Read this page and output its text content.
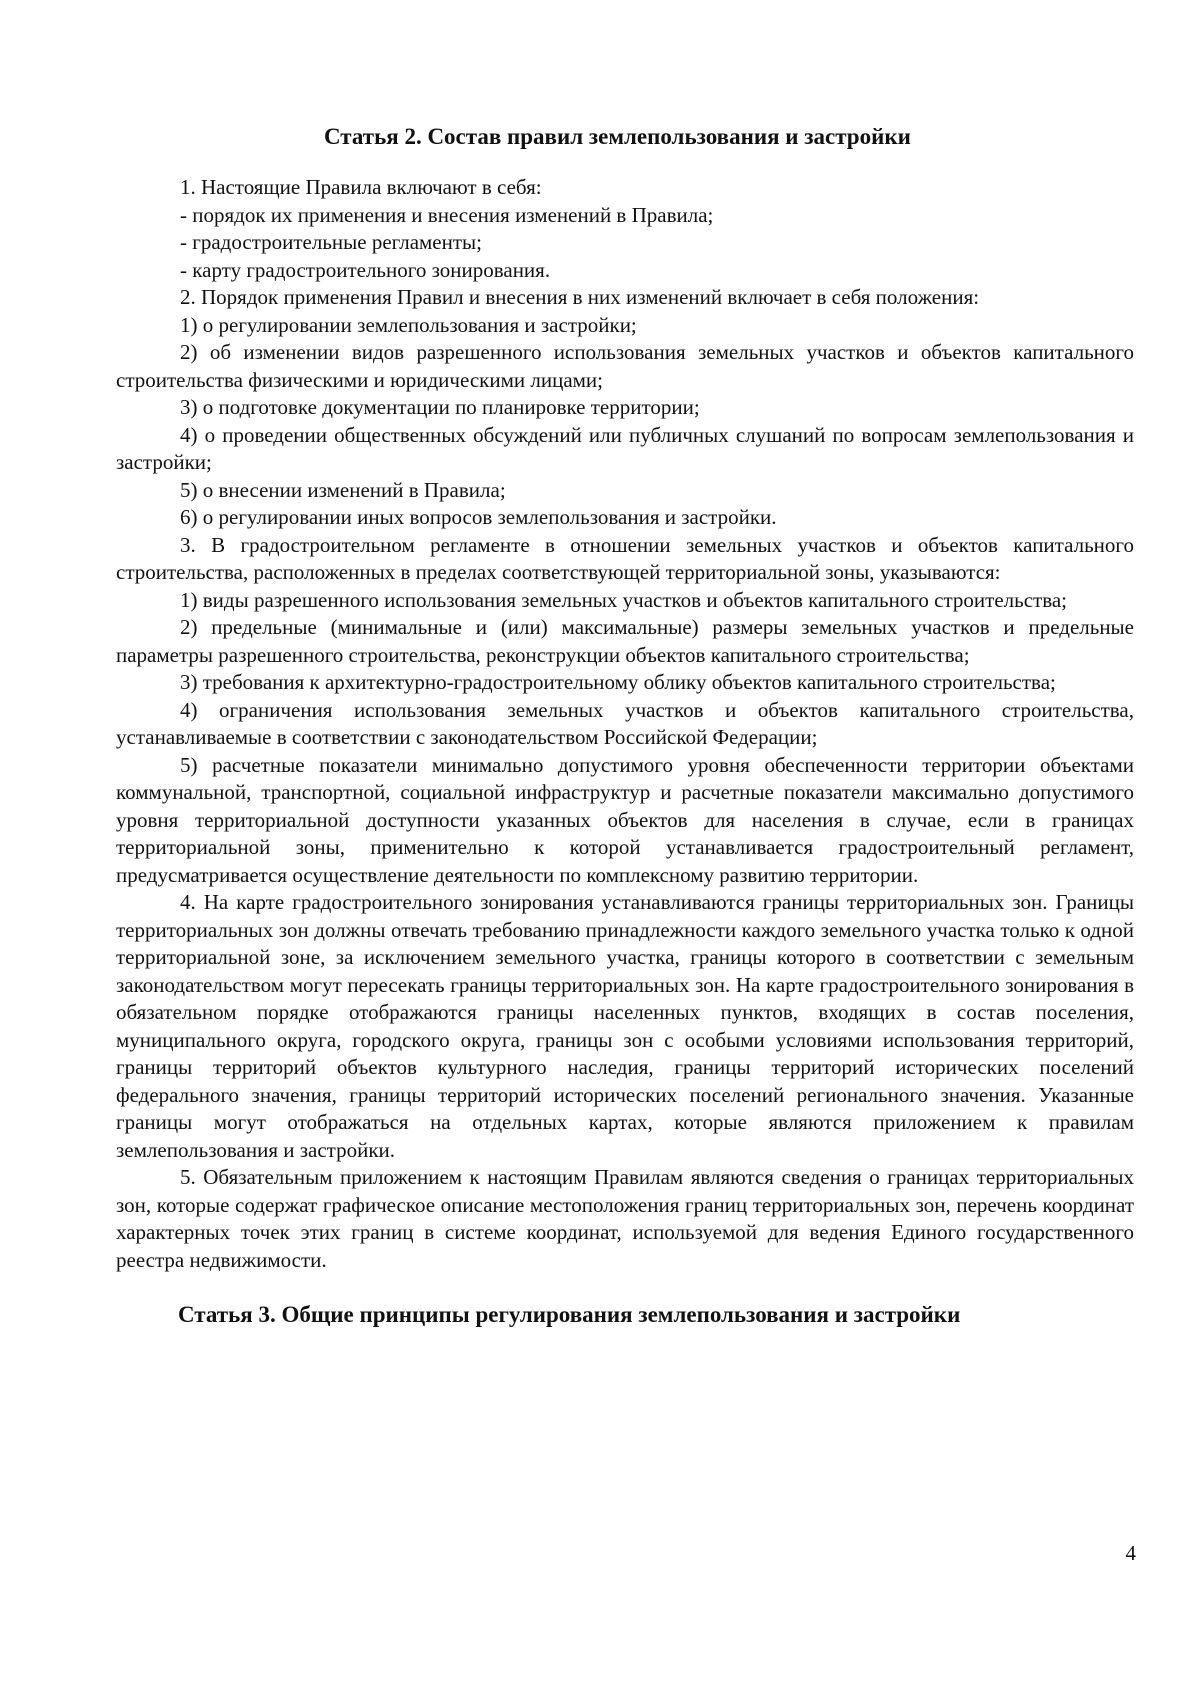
Статья 2. Состав правил землепользования и застройки

1. Настоящие Правила включают в себя:

- порядок их применения и внесения изменений в Правила;

- градостроительные регламенты;

- карту градостроительного зонирования.

2. Порядок применения Правил и внесения в них изменений включает в себя положения:

1) о регулировании землепользования и застройки;

2) об изменении видов разрешенного использования земельных участков и объектов капитального строительства физическими и юридическими лицами;

3) о подготовке документации по планировке территории;

4) о проведении общественных обсуждений или публичных слушаний по вопросам землепользования и застройки;

5) о внесении изменений в Правила;

6) о регулировании иных вопросов землепользования и застройки.

3. В градостроительном регламенте в отношении земельных участков и объектов капитального строительства, расположенных в пределах соответствующей территориальной зоны, указываются:

1) виды разрешенного использования земельных участков и объектов капитального строительства;

2) предельные (минимальные и (или) максимальные) размеры земельных участков и предельные параметры разрешенного строительства, реконструкции объектов капитального строительства;

3) требования к архитектурно-градостроительному облику объектов капитального строительства;

4) ограничения использования земельных участков и объектов капитального строительства, устанавливаемые в соответствии с законодательством Российской Федерации;

5) расчетные показатели минимально допустимого уровня обеспеченности территории объектами коммунальной, транспортной, социальной инфраструктур и расчетные показатели максимально допустимого уровня территориальной доступности указанных объектов для населения в случае, если в границах территориальной зоны, применительно к которой устанавливается градостроительный регламент, предусматривается осуществление деятельности по комплексному развитию территории.

4. На карте градостроительного зонирования устанавливаются границы территориальных зон. Границы территориальных зон должны отвечать требованию принадлежности каждого земельного участка только к одной территориальной зоне, за исключением земельного участка, границы которого в соответствии с земельным законодательством могут пересекать границы территориальных зон. На карте градостроительного зонирования в обязательном порядке отображаются границы населенных пунктов, входящих в состав поселения, муниципального округа, городского округа, границы зон с особыми условиями использования территорий, границы территорий объектов культурного наследия, границы территорий исторических поселений федерального значения, границы территорий исторических поселений регионального значения. Указанные границы могут отображаться на отдельных картах, которые являются приложением к правилам землепользования и застройки.

5. Обязательным приложением к настоящим Правилам являются сведения о границах территориальных зон, которые содержат графическое описание местоположения границ территориальных зон, перечень координат характерных точек этих границ в системе координат, используемой для ведения Единого государственного реестра недвижимости.

Статья 3. Общие принципы регулирования землепользования и застройки
4
